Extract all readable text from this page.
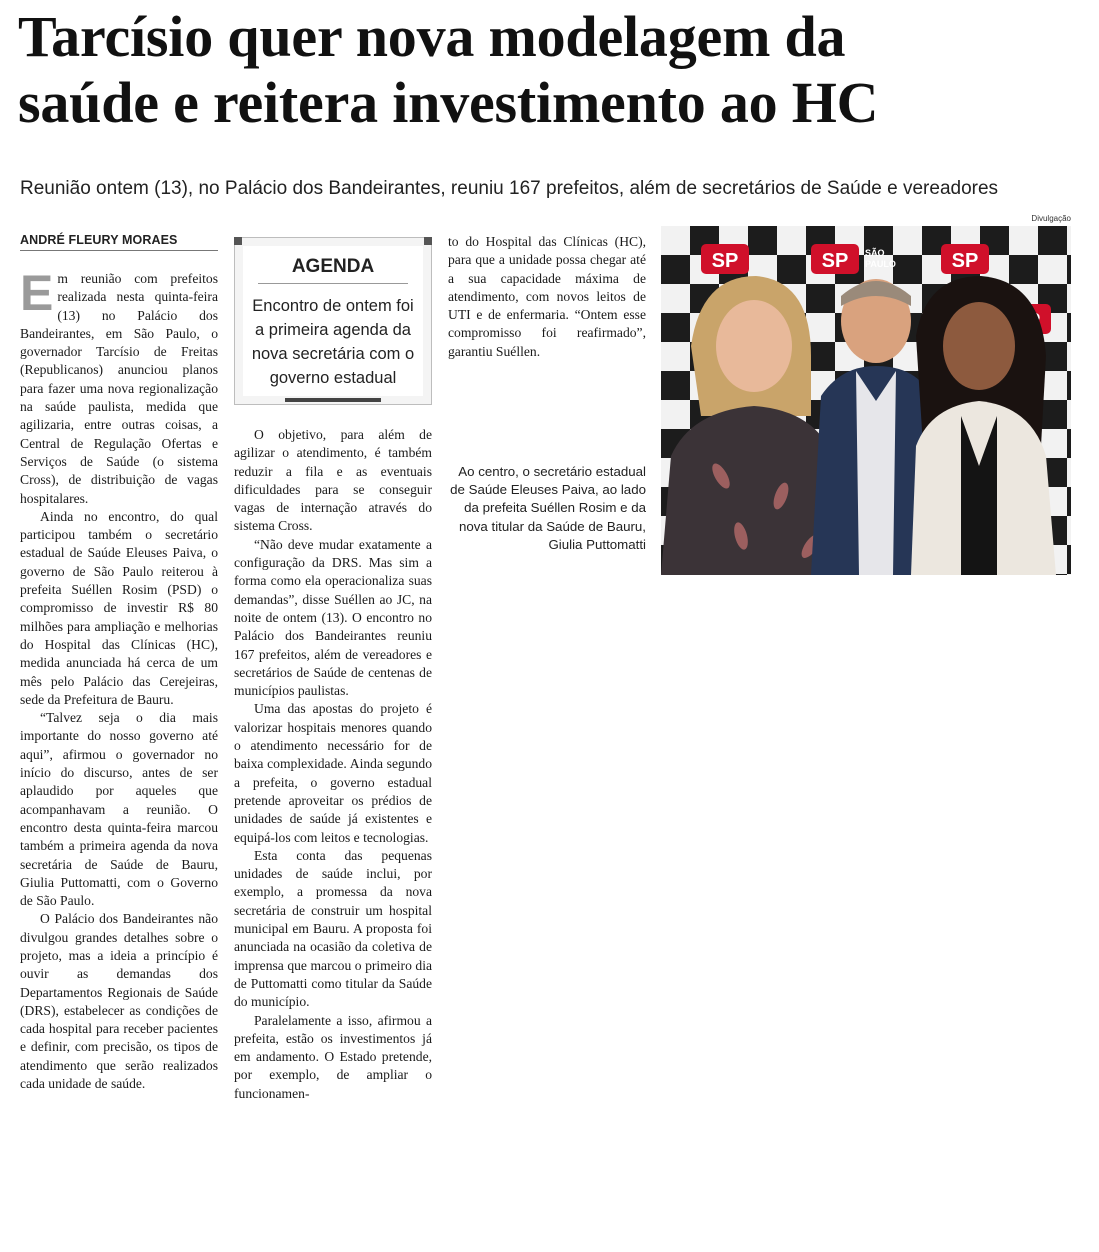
Tarcísio quer nova modelagem da
saúde e reitera investimento ao HC

Reunião ontem (13), no Palácio dos Bandeirantes, reuniu 167 prefeitos, além de secretários de Saúde e vereadores

ANDRÉ FLEURY MORAES
Divulgação

Em reunião com prefeitos realizada nesta quinta-feira (13) no Palácio dos Bandeirantes, em São Paulo, o governador Tarcísio de Freitas (Republicanos) anunciou planos para fazer uma nova regionalização na saúde paulista, medida que agilizaria, entre outras coisas, a Central de Regulação Ofertas e Serviços de Saúde (o sistema Cross), de distribuição de vagas hospitalares.

Ainda no encontro, do qual participou também o secretário estadual de Saúde Eleuses Paiva, o governo de São Paulo reiterou à prefeita Suéllen Rosim (PSD) o compromisso de investir R$ 80 milhões para ampliação e melhorias do Hospital das Clínicas (HC), medida anunciada há cerca de um mês pelo Palácio das Cerejeiras, sede da Prefeitura de Bauru.

“Talvez seja o dia mais importante do nosso governo até aqui”, afirmou o governador no início do discurso, antes de ser aplaudido por aqueles que acompanhavam a reunião. O encontro desta quinta-feira marcou também a primeira agenda da nova secretária de Saúde de Bauru, Giulia Puttomatti, com o Governo de São Paulo.

O Palácio dos Bandeirantes não divulgou grandes detalhes sobre o projeto, mas a ideia a princípio é ouvir as demandas dos Departamentos Regionais de Saúde (DRS), estabelecer as condições de cada hospital para receber pacientes e definir, com precisão, os tipos de atendimento que serão realizados cada unidade de saúde.

AGENDA
Encontro de ontem foi a primeira agenda da nova secretária com o governo estadual

O objetivo, para além de agilizar o atendimento, é também reduzir a fila e as eventuais dificuldades para se conseguir vagas de internação através do sistema Cross.

“Não deve mudar exatamente a configuração da DRS. Mas sim a forma como ela operacionaliza suas demandas”, disse Suéllen ao JC, na noite de ontem (13). O encontro no Palácio dos Bandeirantes reuniu 167 prefeitos, além de vereadores e secretários de Saúde de centenas de municípios paulistas.

Uma das apostas do projeto é valorizar hospitais menores quando o atendimento necessário for de baixa complexidade. Ainda segundo a prefeita, o governo estadual pretende aproveitar os prédios de unidades de saúde já existentes e equipá-los com leitos e tecnologias.

Esta conta das pequenas unidades de saúde inclui, por exemplo, a promessa da nova secretária de construir um hospital municipal em Bauru. A proposta foi anunciada na ocasião da coletiva de imprensa que marcou o primeiro dia de Puttomatti como titular da Saúde do município.

Paralelamente a isso, afirmou a prefeita, estão os investimentos já em andamento. O Estado pretende, por exemplo, de ampliar o funcionamen-

to do Hospital das Clínicas (HC), para que a unidade possa chegar até a sua capacidade máxima de atendimento, com novos leitos de UTI e de enfermaria. “Ontem esse compromisso foi reafirmado”, garantiu Suéllen.

Ao centro, o secretário estadual de Saúde Eleuses Paiva, ao lado da prefeita Suéllen Rosim e da nova titular da Saúde de Bauru, Giulia Puttomatti

SP SÃO
PAULO
SP	SP
